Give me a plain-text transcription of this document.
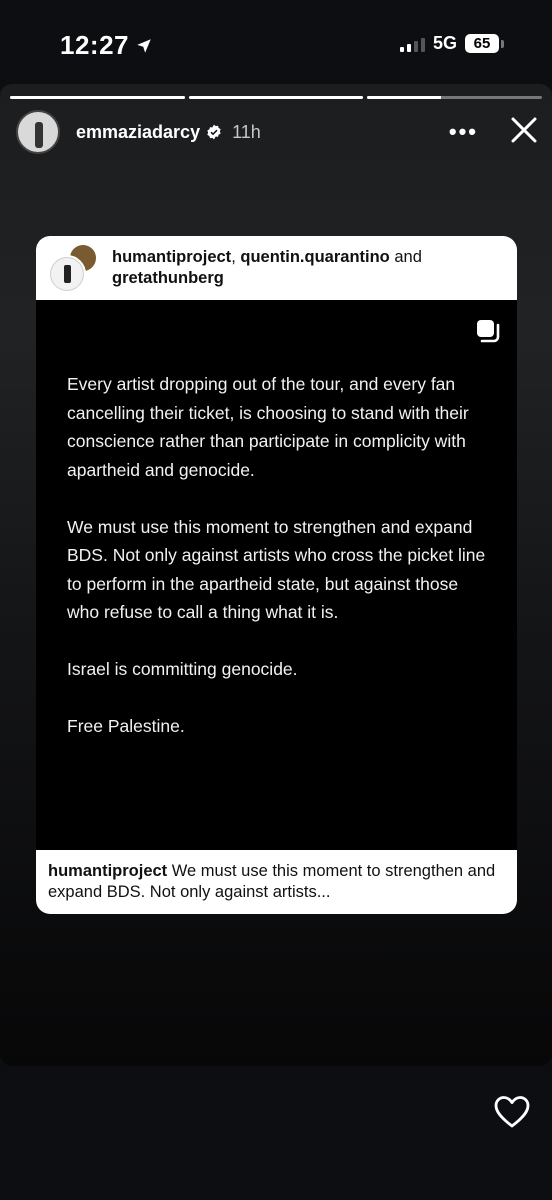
12:27	5G	65
emmaziadarcy 11h	•••
humantiproject, quentin.quarantino and gretathunberg

Every artist dropping out of the tour, and every fan cancelling their ticket, is choosing to stand with their conscience rather than participate in complicity with apartheid and genocide.

We must use this moment to strengthen and expand BDS. Not only against artists who cross the picket line to perform in the apartheid state, but against those who refuse to call a thing what it is.

Israel is committing genocide.

Free Palestine.

humantiproject We must use this moment to strengthen and expand BDS. Not only against artists...
